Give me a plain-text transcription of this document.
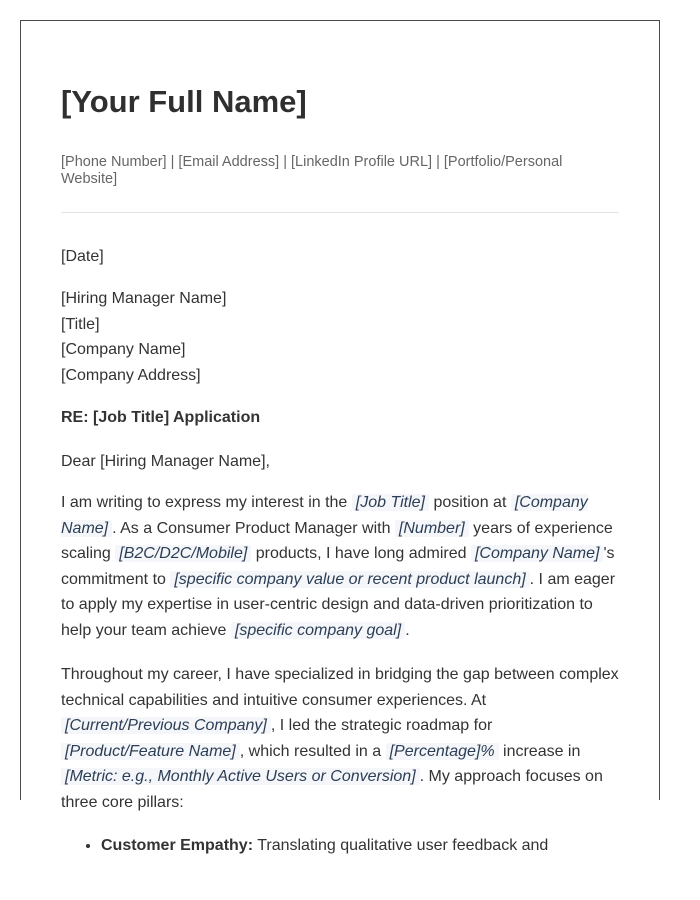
[Your Full Name]
[Phone Number] | [Email Address] | [LinkedIn Profile URL] | [Portfolio/Personal Website]
[Date]
[Hiring Manager Name]
[Title]
[Company Name]
[Company Address]
RE: [Job Title] Application
Dear [Hiring Manager Name],

I am writing to express my interest in the [Job Title] position at [Company Name] . As a Consumer Product Manager with [Number] years of experience scaling [B2C/D2C/Mobile] products, I have long admired [Company Name] 's commitment to [specific company value or recent product launch] . I am eager to apply my expertise in user-centric design and data-driven prioritization to help your team achieve [specific company goal] .

Throughout my career, I have specialized in bridging the gap between complex technical capabilities and intuitive consumer experiences. At [Current/Previous Company] , I led the strategic roadmap for [Product/Feature Name] , which resulted in a [Percentage]% increase in [Metric: e.g., Monthly Active Users or Conversion] . My approach focuses on three core pillars:

• Customer Empathy: Translating qualitative user feedback and
